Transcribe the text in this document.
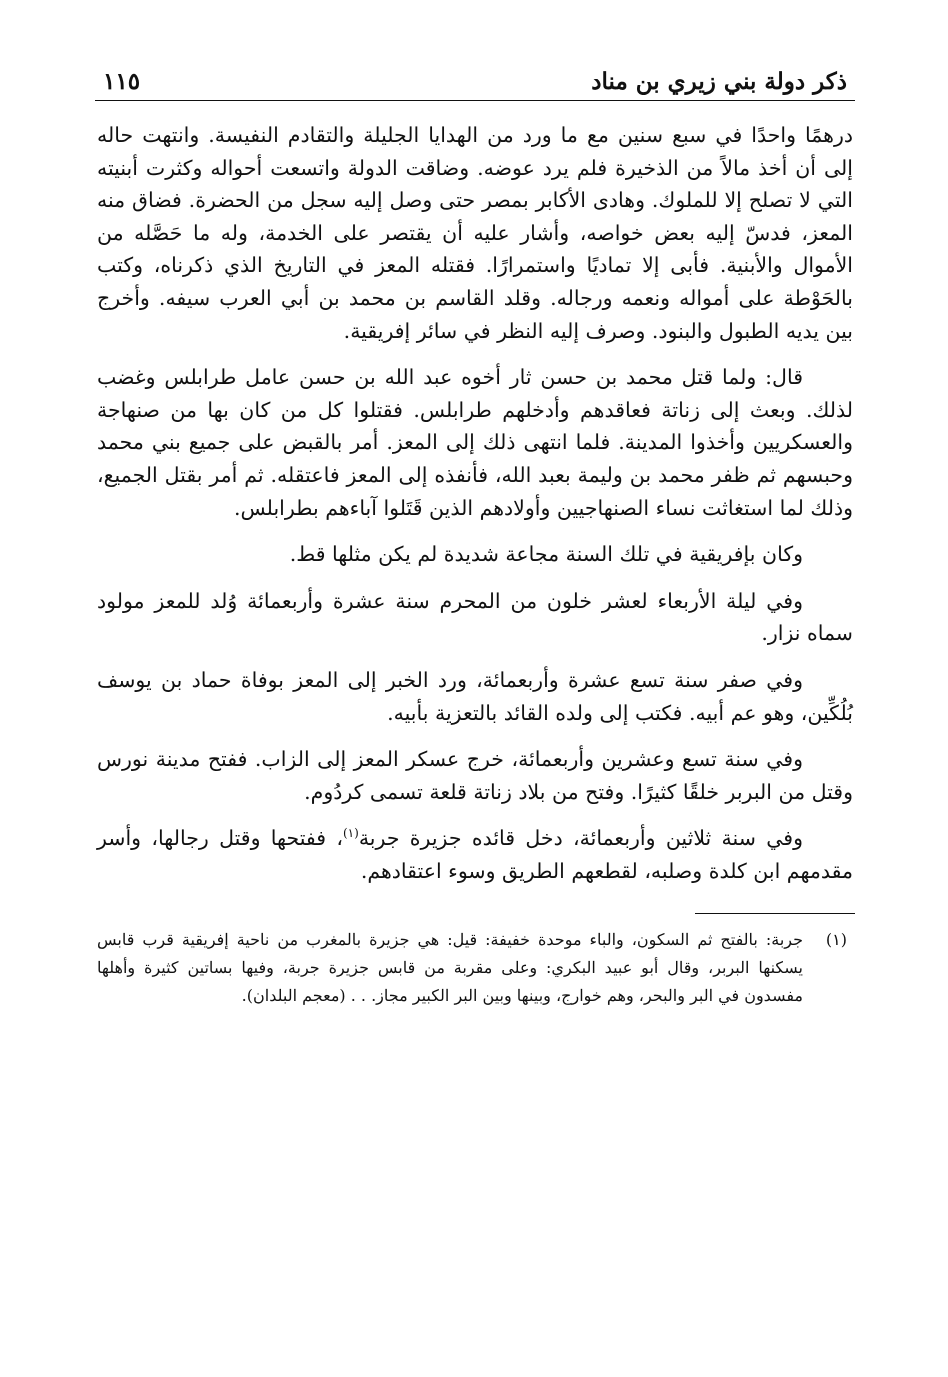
ذكر دولة بني زيري بن مناد
١١٥

درهمًا واحدًا في سبع سنين مع ما ورد من الهدايا الجليلة والتقادم النفيسة. وانتهت حاله إلى أن أخذ مالاً من الذخيرة فلم يرد عوضه. وضاقت الدولة واتسعت أحواله وكثرت أبنيته التي لا تصلح إلا للملوك. وهادى الأكابر بمصر حتى وصل إليه سجل من الحضرة. فضاق منه المعز، فدسّ إليه بعض خواصه، وأشار عليه أن يقتصر على الخدمة، وله ما حَصَّله من الأموال والأبنية. فأبى إلا تماديًا واستمرارًا. فقتله المعز في التاريخ الذي ذكرناه، وكتب بالحَوْطة على أمواله ونعمه ورجاله. وقلد القاسم بن محمد بن أبي العرب سيفه. وأخرج بين يديه الطبول والبنود. وصرف إليه النظر في سائر إفريقية.

قال: ولما قتل محمد بن حسن ثار أخوه عبد الله بن حسن عامل طرابلس وغضب لذلك. وبعث إلى زناتة فعاقدهم وأدخلهم طرابلس. فقتلوا كل من كان بها من صنهاجة والعسكريين وأخذوا المدينة. فلما انتهى ذلك إلى المعز. أمر بالقبض على جميع بني محمد وحبسهم ثم ظفر محمد بن وليمة بعبد الله، فأنفذه إلى المعز فاعتقله. ثم أمر بقتل الجميع، وذلك لما استغاثت نساء الصنهاجيين وأولادهم الذين قَتَلوا آباءهم بطرابلس.

وكان بإفريقية في تلك السنة مجاعة شديدة لم يكن مثلها قط.

وفي ليلة الأربعاء لعشر خلون من المحرم سنة عشرة وأربعمائة وُلد للمعز مولود سماه نزار.

وفي صفر سنة تسع عشرة وأربعمائة، ورد الخبر إلى المعز بوفاة حماد بن يوسف بُلُكِّين، وهو عم أبيه. فكتب إلى ولده القائد بالتعزية بأبيه.

وفي سنة تسع وعشرين وأربعمائة، خرج عسكر المعز إلى الزاب. ففتح مدينة نورس وقتل من البربر خلقًا كثيرًا. وفتح من بلاد زناتة قلعة تسمى كردُوم.

وفي سنة ثلاثين وأربعمائة، دخل قائده جزيرة جربة$^{(١)}$، ففتحها وقتل رجالها، وأسر مقدمهم ابن كلدة وصلبه، لقطعهم الطريق وسوء اعتقادهم.

(١)
جربة: بالفتح ثم السكون، والباء موحدة خفيفة: قيل: هي جزيرة بالمغرب من ناحية إفريقية قرب قابس يسكنها البربر، وقال أبو عبيد البكري: وعلى مقربة من قابس جزيرة جربة، وفيها بساتين كثيرة وأهلها مفسدون في البر والبحر، وهم خوارج، وبينها وبين البر الكبير مجاز. . . (معجم البلدان).
